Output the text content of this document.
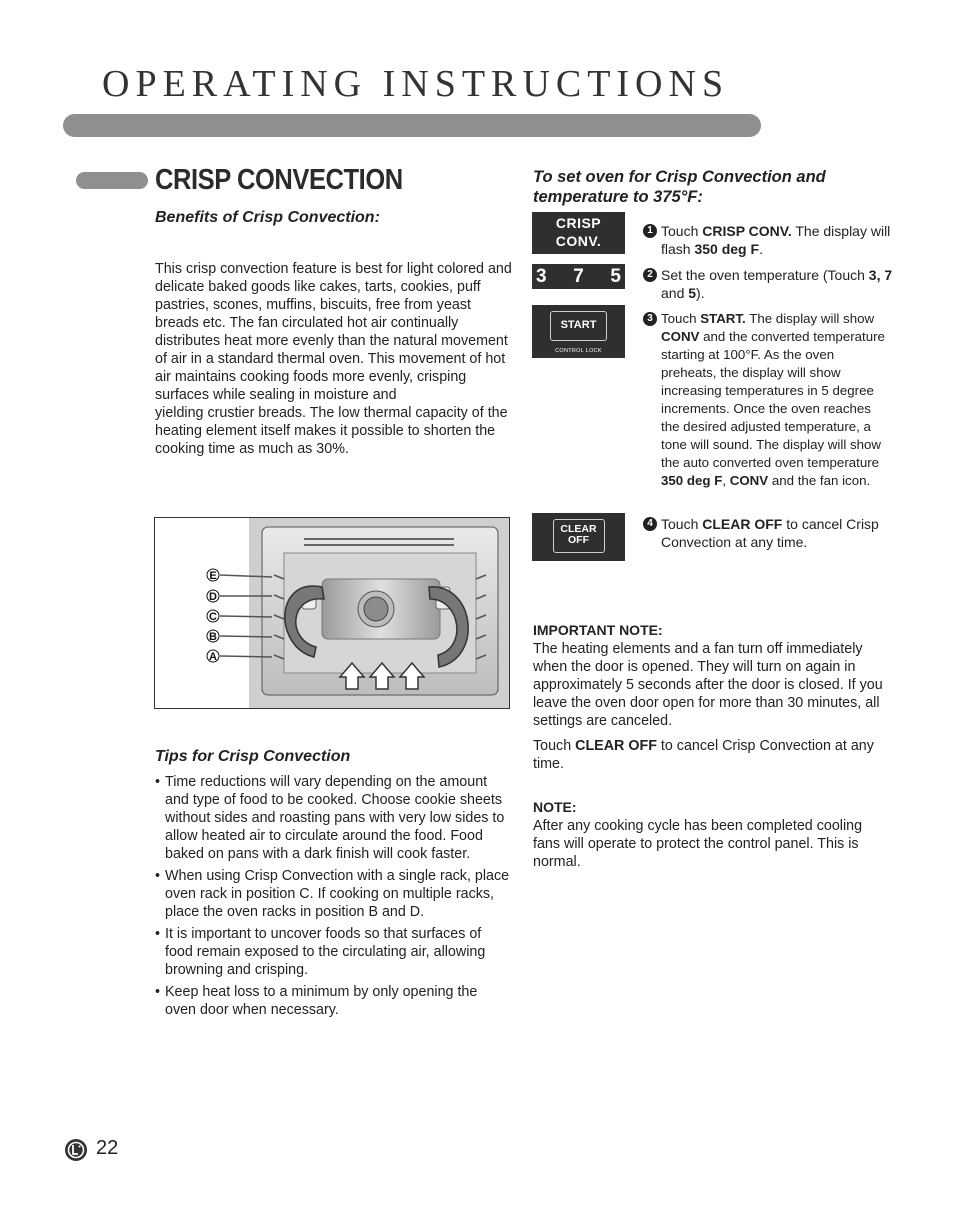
OPERATING INSTRUCTIONS
CRISP CONVECTION
Benefits of Crisp Convection:

This crisp convection feature is best for light colored and delicate baked goods like cakes, tarts, cookies, puff pastries, scones, muffins, biscuits, free from yeast breads etc. The fan circulated hot air continually distributes heat more evenly than the natural movement of air in a standard thermal oven. This movement of hot air maintains cooking foods more evenly, crisping surfaces while sealing in moisture and

yielding crustier breads. The low thermal capacity of the heating element itself makes it possible to shorten the cooking time as much as 30%.

E
D
C
B
A
Tips for Crisp Convection
• Time reductions will vary depending on the amount and type of food to be cooked. Choose cookie sheets without sides and roasting pans with very low sides to allow heated air to circulate around the food. Food baked on pans with a dark finish will cook faster.
• When using Crisp Convection with a single rack, place oven rack in position C. If cooking on multiple racks, place the oven racks in position B and D.
• It is important to uncover foods so that surfaces of food remain exposed to the circulating air, allowing browning and crisping.
• Keep heat loss to a minimum by only opening the oven door when necessary.
To set oven for Crisp Convection and temperature to 375°F:
CRISP
CONV.
3 7 5
START
CONTROL LOCK
CLEAR
OFF
1 Touch CRISP CONV. The display will flash 350 deg F.
2 Set the oven temperature (Touch 3, 7 and 5).
3 Touch START. The display will show CONV and the converted temperature starting at 100°F. As the oven preheats, the display will show increasing temperatures in 5 degree increments. Once the oven reaches the desired adjusted temperature, a tone will sound. The display will show the auto converted oven temperature 350 deg F, CONV and the fan icon.
4 Touch CLEAR OFF to cancel Crisp Convection at any time.
IMPORTANT NOTE:
The heating elements and a fan turn off immediately when the door is opened. They will turn on again in approximately 5 seconds after the door is closed. If you leave the oven door open for more than 30 minutes, all settings are canceled.
Touch CLEAR OFF to cancel Crisp Convection at any time.
NOTE:
After any cooking cycle has been completed cooling fans will operate to protect the control panel. This is normal.
22
